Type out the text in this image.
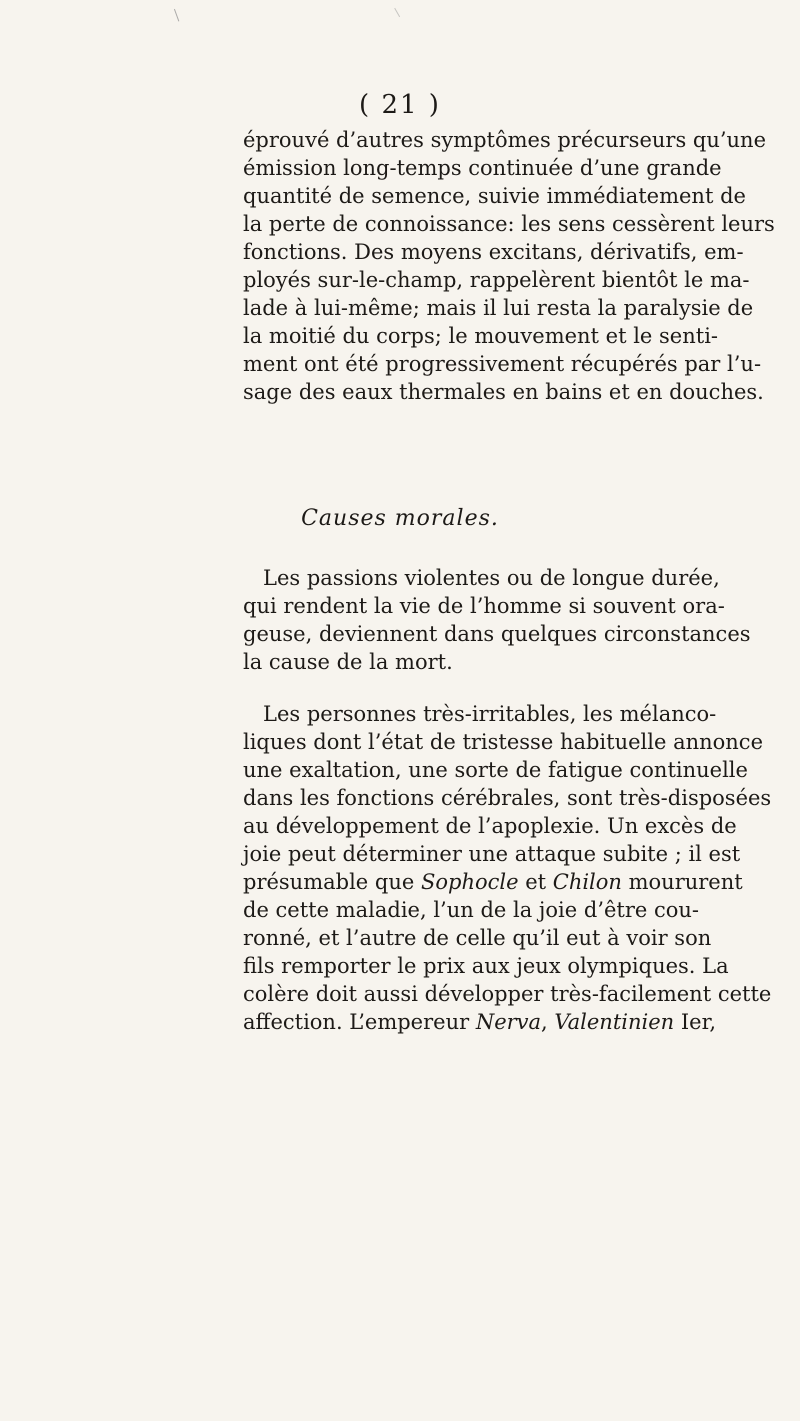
( 21 )
éprouvé d’autres symptômes précurseurs qu’une
émission long-temps continuée d’une grande
quantité de semence, suivie immédiatement de
la perte de connoissance: les sens cessèrent leurs
fonctions. Des moyens excitans, dérivatifs, em-
ployés sur-le-champ, rappelèrent bientôt le ma-
lade à lui-même; mais il lui resta la paralysie de
la moitié du corps; le mouvement et le senti-
ment ont été progressivement récupérés par l’u-
sage des eaux thermales en bains et en douches.
Causes morales.
Les passions violentes ou de longue durée,
qui rendent la vie de l’homme si souvent ora-
geuse, deviennent dans quelques circonstances
la cause de la mort.
Les personnes très-irritables, les mélanco-
liques dont l’état de tristesse habituelle annonce
une exaltation, une sorte de fatigue continuelle
dans les fonctions cérébrales, sont très-disposées
au développement de l’apoplexie. Un excès de
joie peut déterminer une attaque subite ; il est
présumable que Sophocle et Chilon moururent
de cette maladie, l’un de la joie d’être cou-
ronné, et l’autre de celle qu’il eut à voir son
fils remporter le prix aux jeux olympiques. La
colère doit aussi développer très-facilement cette
affection. L’empereur Nerva, Valentinien Ier,
